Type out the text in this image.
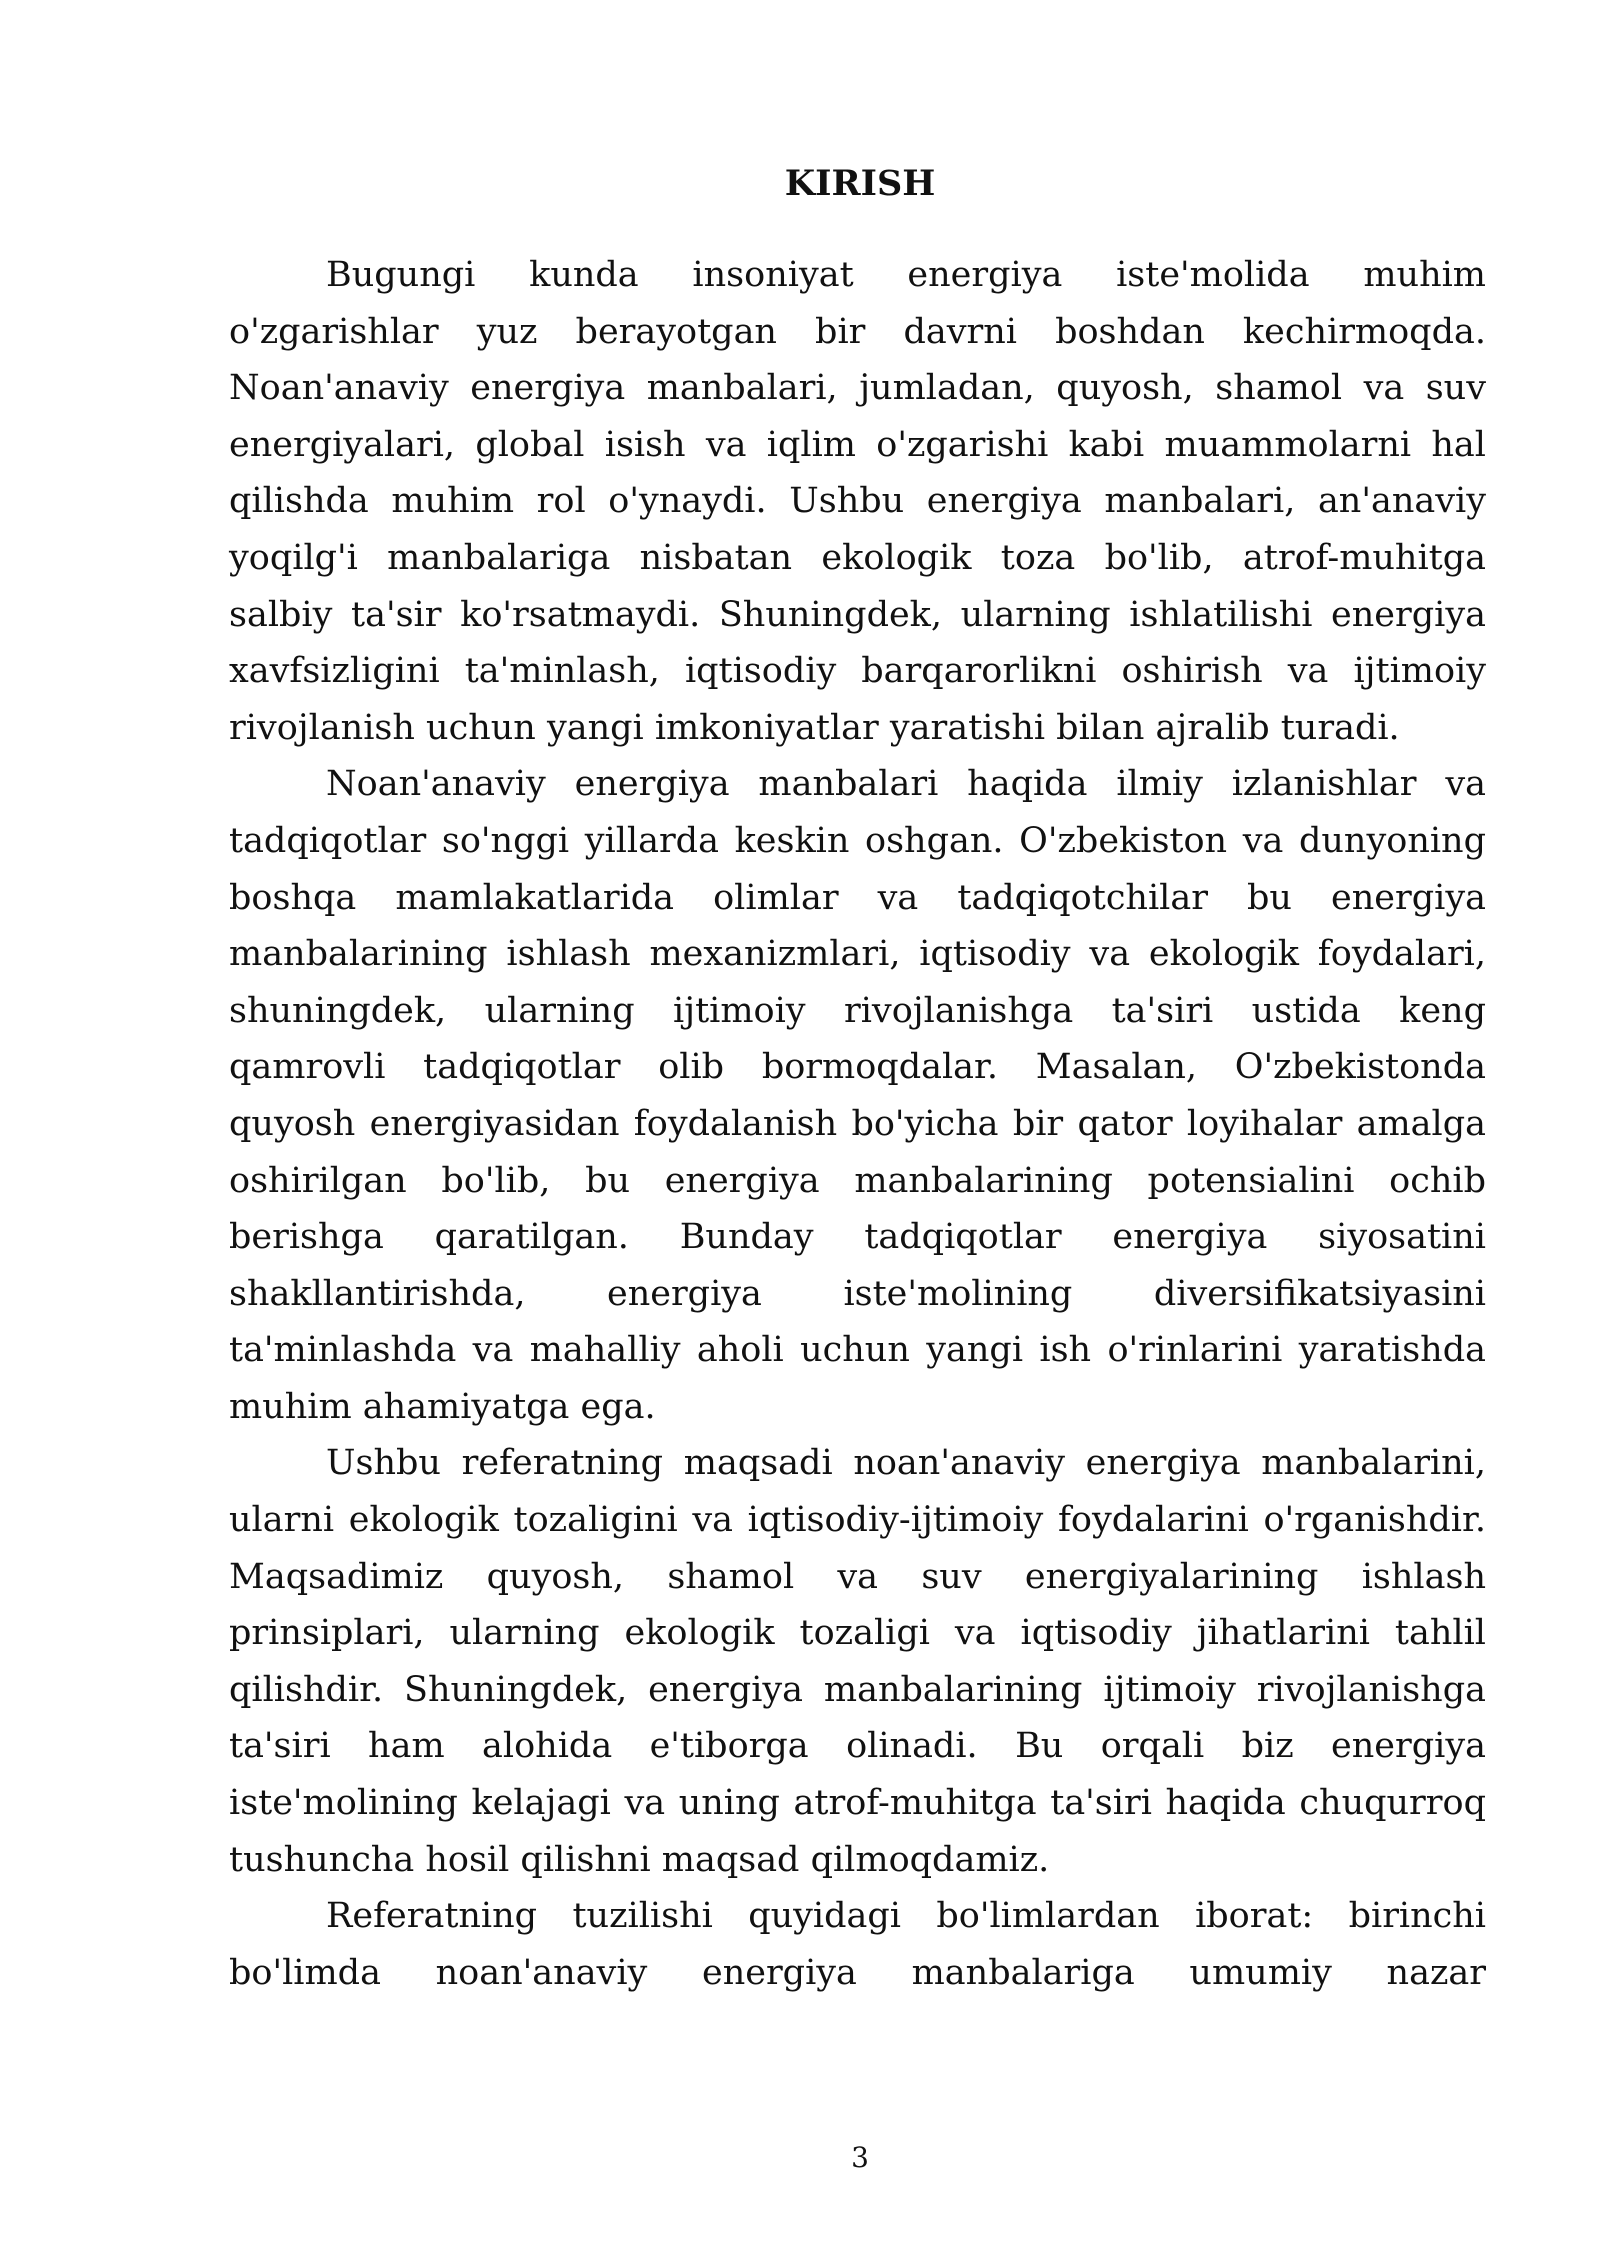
KIRISH

Bugungi kunda insoniyat energiya iste'molida muhim o'zgarishlar yuz berayotgan bir davrni boshdan kechirmoqda. Noan'anaviy energiya manbalari, jumladan, quyosh, shamol va suv energiyalari, global isish va iqlim o'zgarishi kabi muammolarni hal qilishda muhim rol o'ynaydi. Ushbu energiya manbalari, an'anaviy yoqilg'i manbalariga nisbatan ekologik toza bo'lib, atrof-muhitga salbiy ta'sir ko'rsatmaydi. Shuningdek, ularning ishlatilishi energiya xavfsizligini ta'minlash, iqtisodiy barqarorlikni oshirish va ijtimoiy rivojlanish uchun yangi imkoniyatlar yaratishi bilan ajralib turadi.

Noan'anaviy energiya manbalari haqida ilmiy izlanishlar va tadqiqotlar so'nggi yillarda keskin oshgan. O'zbekiston va dunyoning boshqa mamlakatlarida olimlar va tadqiqotchilar bu energiya manbalarining ishlash mexanizmlari, iqtisodiy va ekologik foydalari, shuningdek, ularning ijtimoiy rivojlanishga ta'siri ustida keng qamrovli tadqiqotlar olib bormoqdalar. Masalan, O'zbekistonda quyosh energiyasidan foydalanish bo'yicha bir qator loyihalar amalga oshirilgan bo'lib, bu energiya manbalarining potensialini ochib berishga qaratilgan. Bunday tadqiqotlar energiya siyosatini shakllantirishda, energiya iste'molining diversifikatsiyasini ta'minlashda va mahalliy aholi uchun yangi ish o'rinlarini yaratishda muhim ahamiyatga ega.

Ushbu referatning maqsadi noan'anaviy energiya manbalarini, ularni ekologik tozaligini va iqtisodiy-ijtimoiy foydalarini o'rganishdir. Maqsadimiz quyosh, shamol va suv energiyalarining ishlash prinsiplari, ularning ekologik tozaligi va iqtisodiy jihatlarini tahlil qilishdir. Shuningdek, energiya manbalarining ijtimoiy rivojlanishga ta'siri ham alohida e'tiborga olinadi. Bu orqali biz energiya iste'molining kelajagi va uning atrof-muhitga ta'siri haqida chuqurroq tushuncha hosil qilishni maqsad qilmoqdamiz.

Referatning tuzilishi quyidagi bo'limlardan iborat: birinchi bo'limda noan'anaviy energiya manbalariga umumiy nazar

3
